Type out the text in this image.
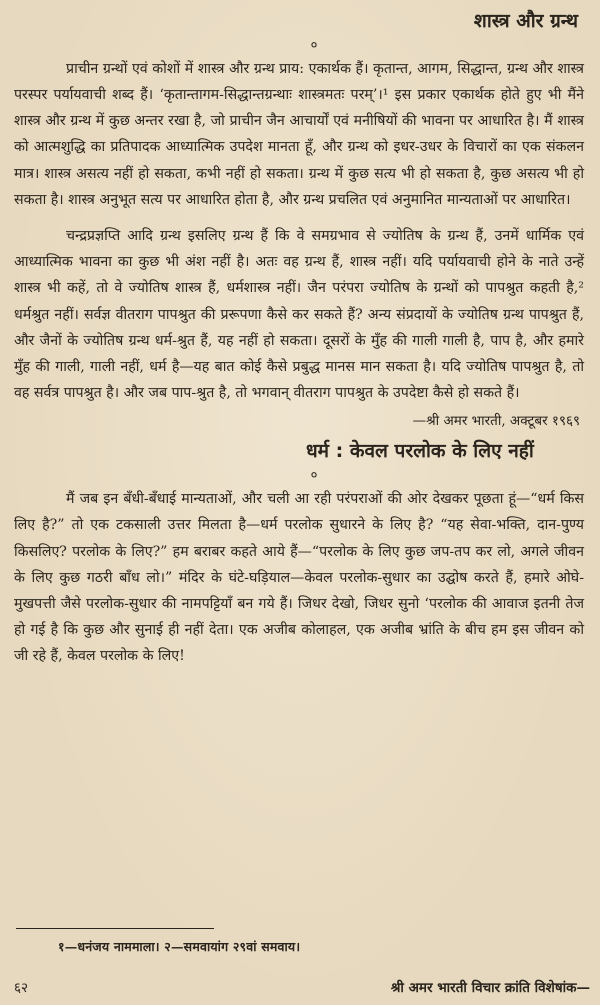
शास्त्र और ग्रन्थ
०

प्राचीन ग्रन्थों एवं कोशों में शास्त्र और ग्रन्थ प्राय: एकार्थक हैं। कृतान्त, आगम, सिद्धान्त, ग्रन्थ और शास्त्र परस्पर पर्यायवाची शब्द हैं। ‘कृतान्तागम-सिद्धान्तग्रन्थाः शास्त्रमतः परम्’।¹ इस प्रकार एकार्थक होते हुए भी मैंने शास्त्र और ग्रन्थ में कुछ अन्तर रखा है, जो प्राचीन जैन आचार्यों एवं मनीषियों की भावना पर आधारित है। मैं शास्त्र को आत्मशुद्धि का प्रतिपादक आध्यात्मिक उपदेश मानता हूँ, और ग्रन्थ को इधर-उधर के विचारों का एक संकलन मात्र। शास्त्र असत्य नहीं हो सकता, कभी नहीं हो सकता। ग्रन्थ में कुछ सत्य भी हो सकता है, कुछ असत्य भी हो सकता है। शास्त्र अनुभूत सत्य पर आधारित होता है, और ग्रन्थ प्रचलित एवं अनुमानित मान्यताओं पर आधारित।

चन्द्रप्रज्ञप्ति आदि ग्रन्थ इसलिए ग्रन्थ हैं कि वे समग्रभाव से ज्योतिष के ग्रन्थ हैं, उनमें धार्मिक एवं आध्यात्मिक भावना का कुछ भी अंश नहीं है। अतः वह ग्रन्थ हैं, शास्त्र नहीं। यदि पर्यायवाची होने के नाते उन्हें शास्त्र भी कहें, तो वे ज्योतिष शास्त्र हैं, धर्मशास्त्र नहीं। जैन परंपरा ज्योतिष के ग्रन्थों को पापश्रुत कहती है,² धर्मश्रुत नहीं। सर्वज्ञ वीतराग पापश्रुत की प्ररूपणा कैसे कर सकते हैं? अन्य संप्रदायों के ज्योतिष ग्रन्थ पापश्रुत हैं, और जैनों के ज्योतिष ग्रन्थ धर्म-श्रुत हैं, यह नहीं हो सकता। दूसरों के मुँह की गाली गाली है, पाप है, और हमारे मुँह की गाली, गाली नहीं, धर्म है—यह बात कोई कैसे प्रबुद्ध मानस मान सकता है। यदि ज्योतिष पापश्रुत है, तो वह सर्वत्र पापश्रुत है। और जब पाप-श्रुत है, तो भगवान् वीतराग पापश्रुत के उपदेष्टा कैसे हो सकते हैं।

—श्री अमर भारती, अक्टूबर १९६९
धर्म : केवल परलोक के लिए नहीं
०

मैं जब इन बँधी-बँधाई मान्यताओं, और चली आ रही परंपराओं की ओर देखकर पूछता हूं—“धर्म किस लिए है?” तो एक टकसाली उत्तर मिलता है—धर्म परलोक सुधारने के लिए है? “यह सेवा-भक्ति, दान-पुण्य किसलिए? परलोक के लिए?” हम बराबर कहते आये हैं—“परलोक के लिए कुछ जप-तप कर लो, अगले जीवन के लिए कुछ गठरी बाँध लो।” मंदिर के घंटे-घड़ियाल—केवल परलोक-सुधार का उद्घोष करते हैं, हमारे ओघे-मुखपत्ती जैसे परलोक-सुधार की नामपट्टियाँ बन गये हैं। जिधर देखो, जिधर सुनो ‘परलोक की आवाज इतनी तेज हो गई है कि कुछ और सुनाई ही नहीं देता। एक अजीब कोलाहल, एक अजीब भ्रांति के बीच हम इस जीवन को जी रहे हैं, केवल परलोक के लिए!

१—धनंजय नाममाला। २—समवायांग २९वां समवाय।
६२	श्री अमर भारती विचार क्रांति विशेषांक—
